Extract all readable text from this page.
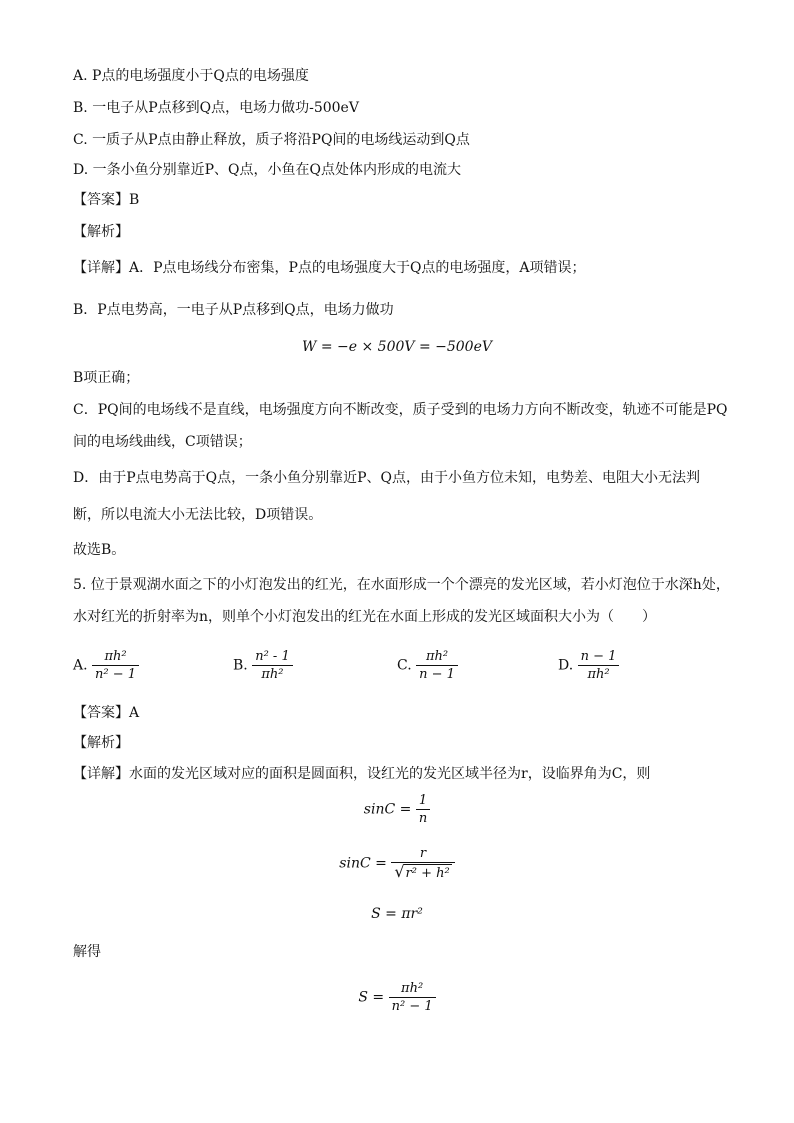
A. P点的电场强度小于Q点的电场强度
B. 一电子从P点移到Q点，电场力做功-500eV
C. 一质子从P点由静止释放，质子将沿PQ间的电场线运动到Q点
D. 一条小鱼分别靠近P、Q点，小鱼在Q点处体内形成的电流大
【答案】B
【解析】
【详解】A．P点电场线分布密集，P点的电场强度大于Q点的电场强度，A项错误；
B．P点电势高，一电子从P点移到Q点，电场力做功
W = −e × 500V = −500eV
B项正确；
C．PQ间的电场线不是直线，电场强度方向不断改变，质子受到的电场力方向不断改变，轨迹不可能是PQ
间的电场线曲线，C项错误；
D．由于P点电势高于Q点，一条小鱼分别靠近P、Q点，由于小鱼方位未知，电势差、电阻大小无法判
断，所以电流大小无法比较，D项错误。
故选B。
5. 位于景观湖水面之下的小灯泡发出的红光，在水面形成一个个漂亮的发光区域，若小灯泡位于水深h处，
水对红光的折射率为n，则单个小灯泡发出的红光在水面上形成的发光区域面积大小为（　　）
A. $\frac{\text{πh²}}{\text{n² − 1}}$	B. $\frac{\text{n² - 1}}{\text{πh²}}$	C. $\frac{\text{πh²}}{n - 1}$	D. $\frac{n - 1}{\text{πh²}}$
【答案】A
【解析】
【详解】水面的发光区域对应的面积是圆面积，设红光的发光区域半径为r，设临界角为C，则
$\sin C = \frac{1}{n}$
$\sin C = \frac{r}{\text{√r² + h²}}$
S = πr²
解得
$S = \frac{\text{πh²}}{\text{n² − 1}}$
